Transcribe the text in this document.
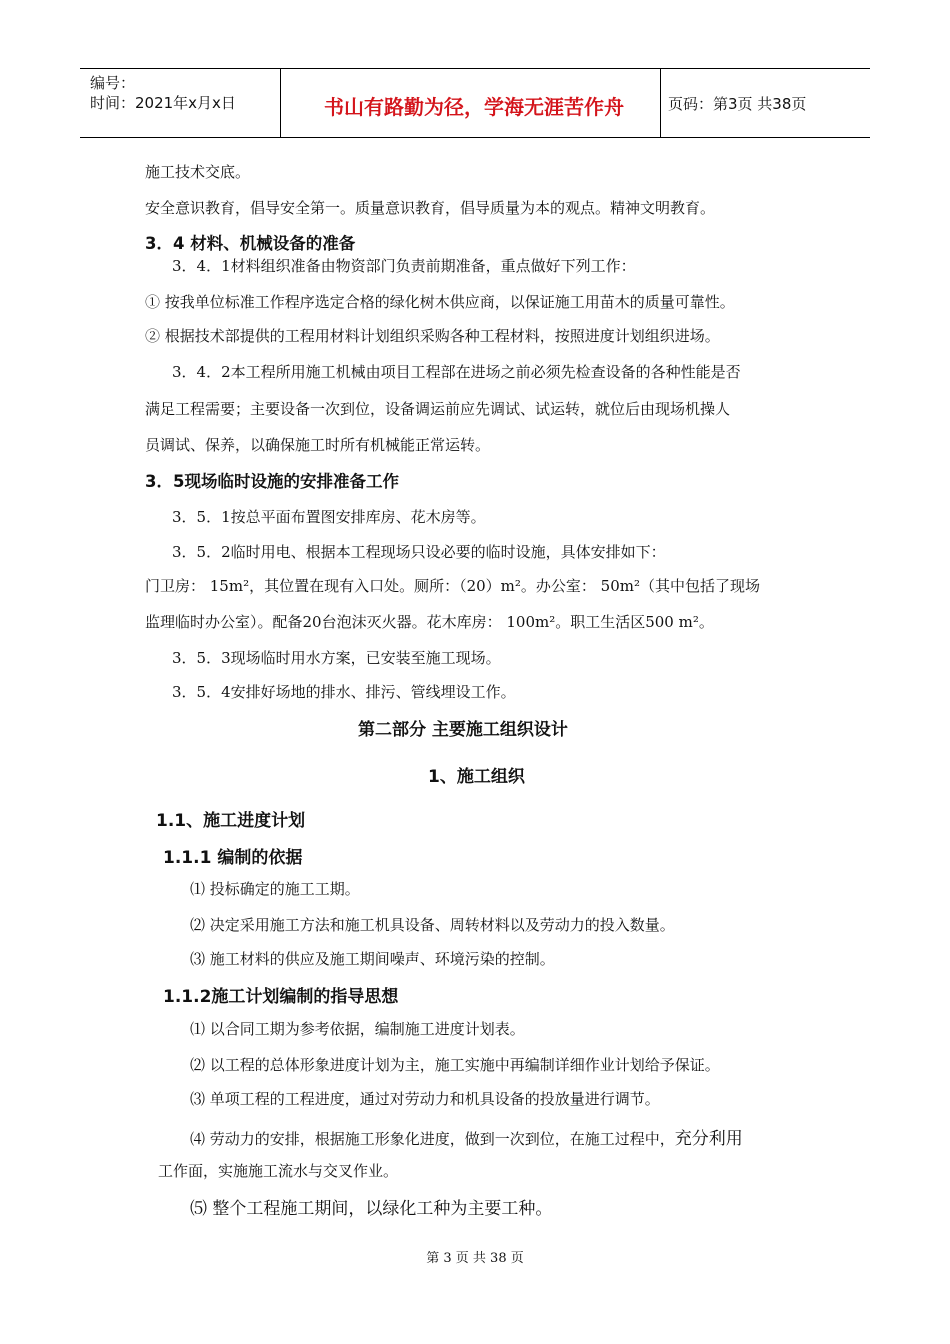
编号：
时间：2021年x月x日	书山有路勤为径，学海无涯苦作舟	页码：第3页 共38页
施工技术交底。
安全意识教育，倡导安全第一。质量意识教育，倡导质量为本的观点。精神文明教育。
3．4 材料、机械设备的准备
3．4．1材料组织准备由物资部门负责前期准备，重点做好下列工作：
① 按我单位标准工作程序选定合格的绿化树木供应商，以保证施工用苗木的质量可靠性。
② 根据技术部提供的工程用材料计划组织采购各种工程材料，按照进度计划组织进场。
3．4．2本工程所用施工机械由项目工程部在进场之前必须先检查设备的各种性能是否
满足工程需要；主要设备一次到位，设备调运前应先调试、试运转，就位后由现场机操人
员调试、保养，以确保施工时所有机械能正常运转。
3．5现场临时设施的安排准备工作
3．5．1按总平面布置图安排库房、花木房等。
3．5．2临时用电、根据本工程现场只设必要的临时设施，具体安排如下：
门卫房： 15m²，其位置在现有入口处。厕所：（20）m²。办公室： 50m²（其中包括了现场
监理临时办公室）。配备20台泡沫灭火器。花木库房： 100m²。职工生活区500 m²。
3．5．3现场临时用水方案，已安装至施工现场。
3．5．4安排好场地的排水、排污、管线埋设工作。
第二部分 主要施工组织设计
1、施工组织
1.1、施工进度计划
1.1.1 编制的依据
⑴ 投标确定的施工工期。
⑵ 决定采用施工方法和施工机具设备、周转材料以及劳动力的投入数量。
⑶ 施工材料的供应及施工期间噪声、环境污染的控制。
1.1.2施工计划编制的指导思想
⑴ 以合同工期为参考依据，编制施工进度计划表。
⑵ 以工程的总体形象进度计划为主，施工实施中再编制详细作业计划给予保证。
⑶ 单项工程的工程进度，通过对劳动力和机具设备的投放量进行调节。
⑷ 劳动力的安排，根据施工形象化进度，做到一次到位，在施工过程中，充分利用
工作面，实施施工流水与交叉作业。
⑸ 整个工程施工期间，以绿化工种为主要工种。
第 3 页 共 38 页
